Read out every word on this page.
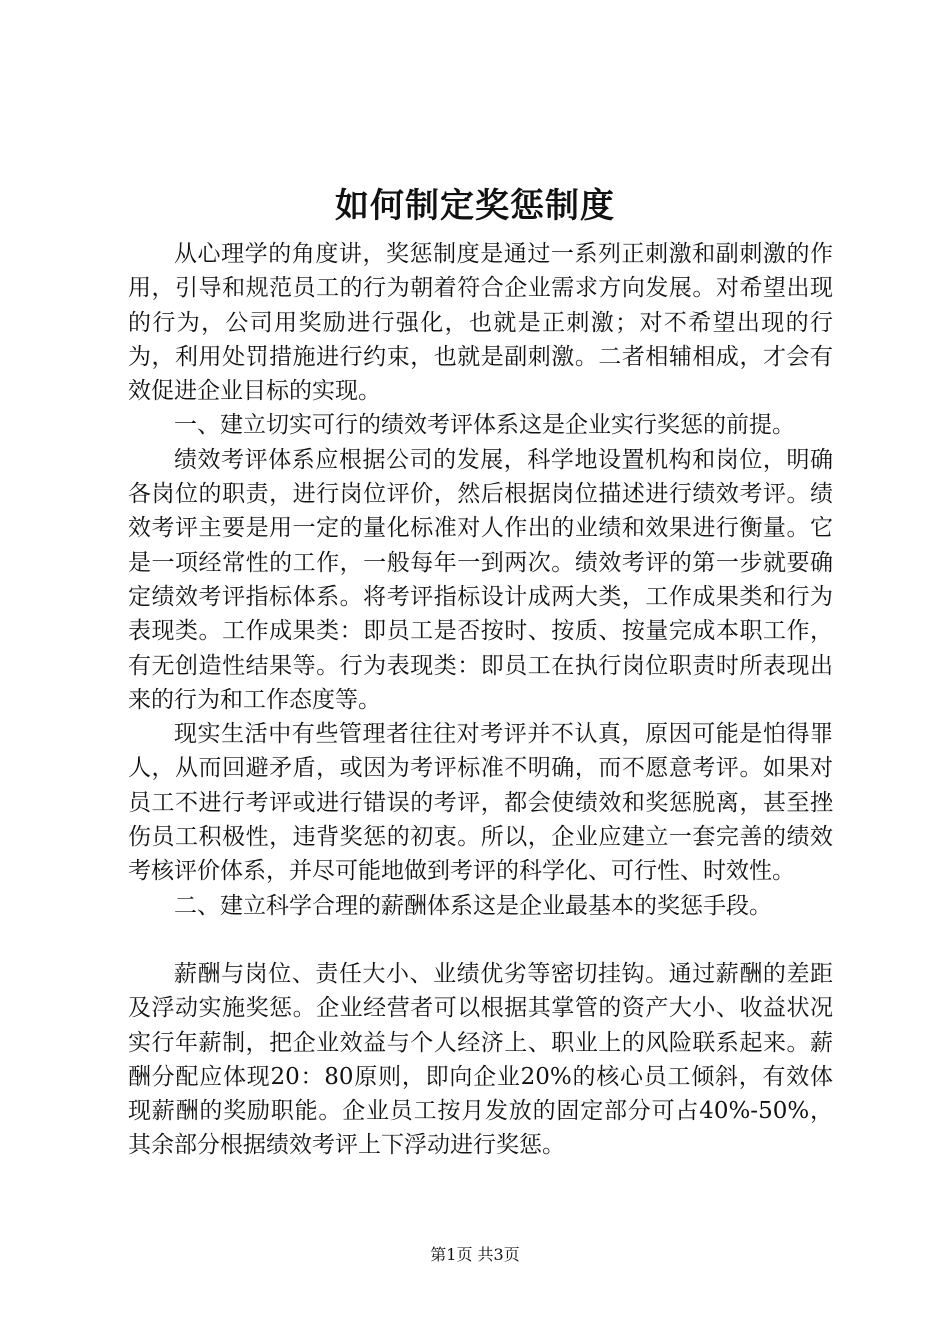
如何制定奖惩制度

从心理学的角度讲，奖惩制度是通过一系列正刺激和副刺激的作用，引导和规范员工的行为朝着符合企业需求方向发展。对希望出现的行为，公司用奖励进行强化，也就是正刺激；对不希望出现的行为，利用处罚措施进行约束，也就是副刺激。二者相辅相成，才会有效促进企业目标的实现。

一、建立切实可行的绩效考评体系这是企业实行奖惩的前提。

绩效考评体系应根据公司的发展，科学地设置机构和岗位，明确各岗位的职责，进行岗位评价，然后根据岗位描述进行绩效考评。绩效考评主要是用一定的量化标准对人作出的业绩和效果进行衡量。它是一项经常性的工作，一般每年一到两次。绩效考评的第一步就要确定绩效考评指标体系。将考评指标设计成两大类，工作成果类和行为表现类。工作成果类：即员工是否按时、按质、按量完成本职工作，有无创造性结果等。行为表现类：即员工在执行岗位职责时所表现出来的行为和工作态度等。

现实生活中有些管理者往往对考评并不认真，原因可能是怕得罪人，从而回避矛盾，或因为考评标准不明确，而不愿意考评。如果对员工不进行考评或进行错误的考评，都会使绩效和奖惩脱离，甚至挫伤员工积极性，违背奖惩的初衷。所以，企业应建立一套完善的绩效考核评价体系，并尽可能地做到考评的科学化、可行性、时效性。

二、建立科学合理的薪酬体系这是企业最基本的奖惩手段。

薪酬与岗位、责任大小、业绩优劣等密切挂钩。通过薪酬的差距及浮动实施奖惩。企业经营者可以根据其掌管的资产大小、收益状况实行年薪制，把企业效益与个人经济上、职业上的风险联系起来。薪酬分配应体现20：80原则，即向企业20%的核心员工倾斜，有效体现薪酬的奖励职能。企业员工按月发放的固定部分可占40%-50%，其余部分根据绩效考评上下浮动进行奖惩。

第1页 共3页
